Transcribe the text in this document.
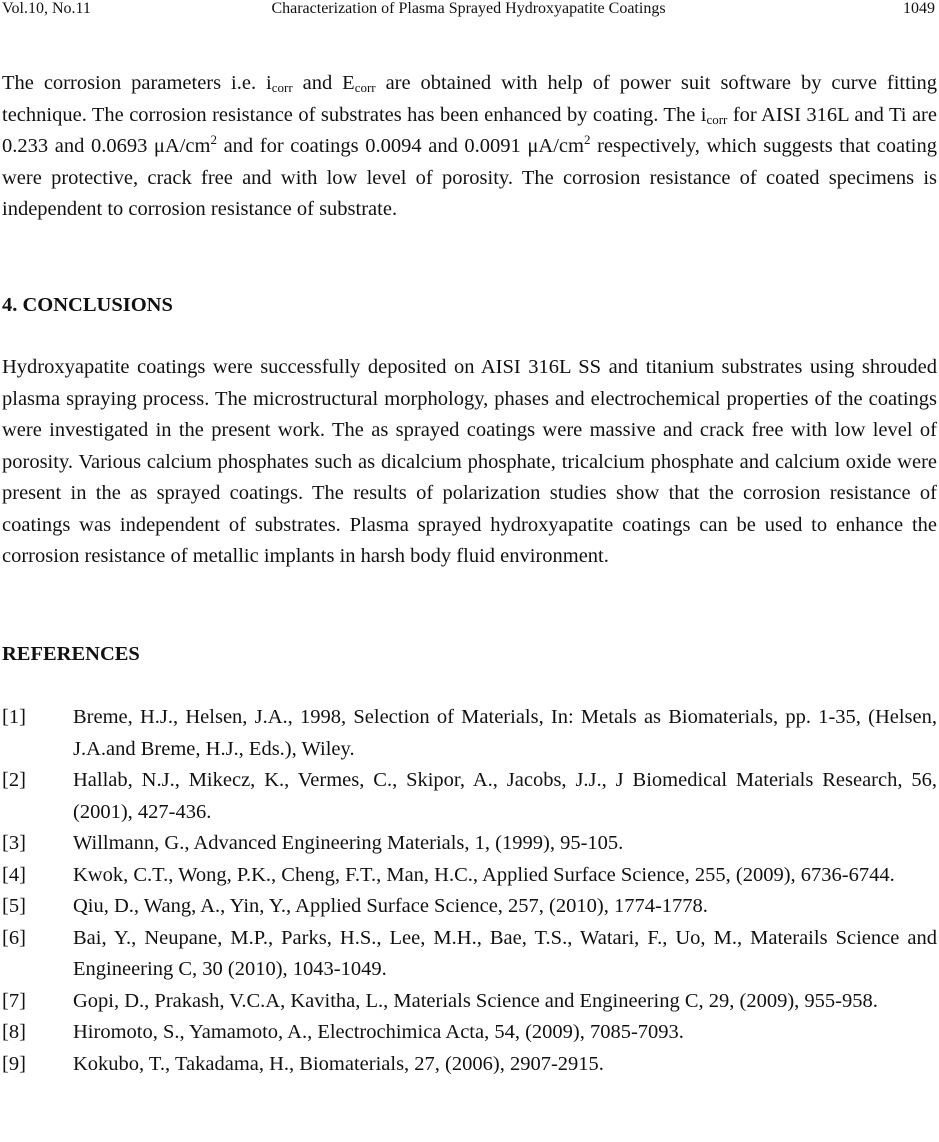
Characterization of Plasma Sprayed Hydroxyapatite Coatings
Vol.10, No.11	1049

The corrosion parameters i.e. $i_{corr}$ and $E_{corr}$ are obtained with help of power suit software by curve fitting technique. The corrosion resistance of substrates has been enhanced by coating. The $i_{corr}$ for AISI 316L and Ti are 0.233 and 0.0693 $\mu A/cm^2$ and for coatings 0.0094 and 0.0091 $\mu A/cm^2$ respectively, which suggests that coating were protective, crack free and with low level of porosity. The corrosion resistance of coated specimens is independent to corrosion resistance of substrate.

4. CONCLUSIONS

Hydroxyapatite coatings were successfully deposited on AISI 316L SS and titanium substrates using shrouded plasma spraying process. The microstructural morphology, phases and electrochemical properties of the coatings were investigated in the present work. The as sprayed coatings were massive and crack free with low level of porosity. Various calcium phosphates such as dicalcium phosphate, tricalcium phosphate and calcium oxide were present in the as sprayed coatings. The results of polarization studies show that the corrosion resistance of coatings was independent of substrates. Plasma sprayed hydroxyapatite coatings can be used to enhance the corrosion resistance of metallic implants in harsh body fluid environment.

REFERENCES
[1] Breme, H.J., Helsen, J.A., 1998, Selection of Materials, In: Metals as Biomaterials, pp. 1-35, (Helsen, J.A.and Breme, H.J., Eds.), Wiley.
[2] Hallab, N.J., Mikecz, K., Vermes, C., Skipor, A., Jacobs, J.J., J Biomedical Materials Research, 56, (2001), 427-436.
[3] Willmann, G., Advanced Engineering Materials, 1, (1999), 95-105.
[4] Kwok, C.T., Wong, P.K., Cheng, F.T., Man, H.C., Applied Surface Science, 255, (2009), 6736-6744.
[5] Qiu, D., Wang, A., Yin, Y., Applied Surface Science, 257, (2010), 1774-1778.
[6] Bai, Y., Neupane, M.P., Parks, H.S., Lee, M.H., Bae, T.S., Watari, F., Uo, M., Materails Science and Engineering C, 30 (2010), 1043-1049.
[7] Gopi, D., Prakash, V.C.A, Kavitha, L., Materials Science and Engineering C, 29, (2009), 955-958.
[8] Hiromoto, S., Yamamoto, A., Electrochimica Acta, 54, (2009), 7085-7093.
[9] Kokubo, T., Takadama, H., Biomaterials, 27, (2006), 2907-2915.
